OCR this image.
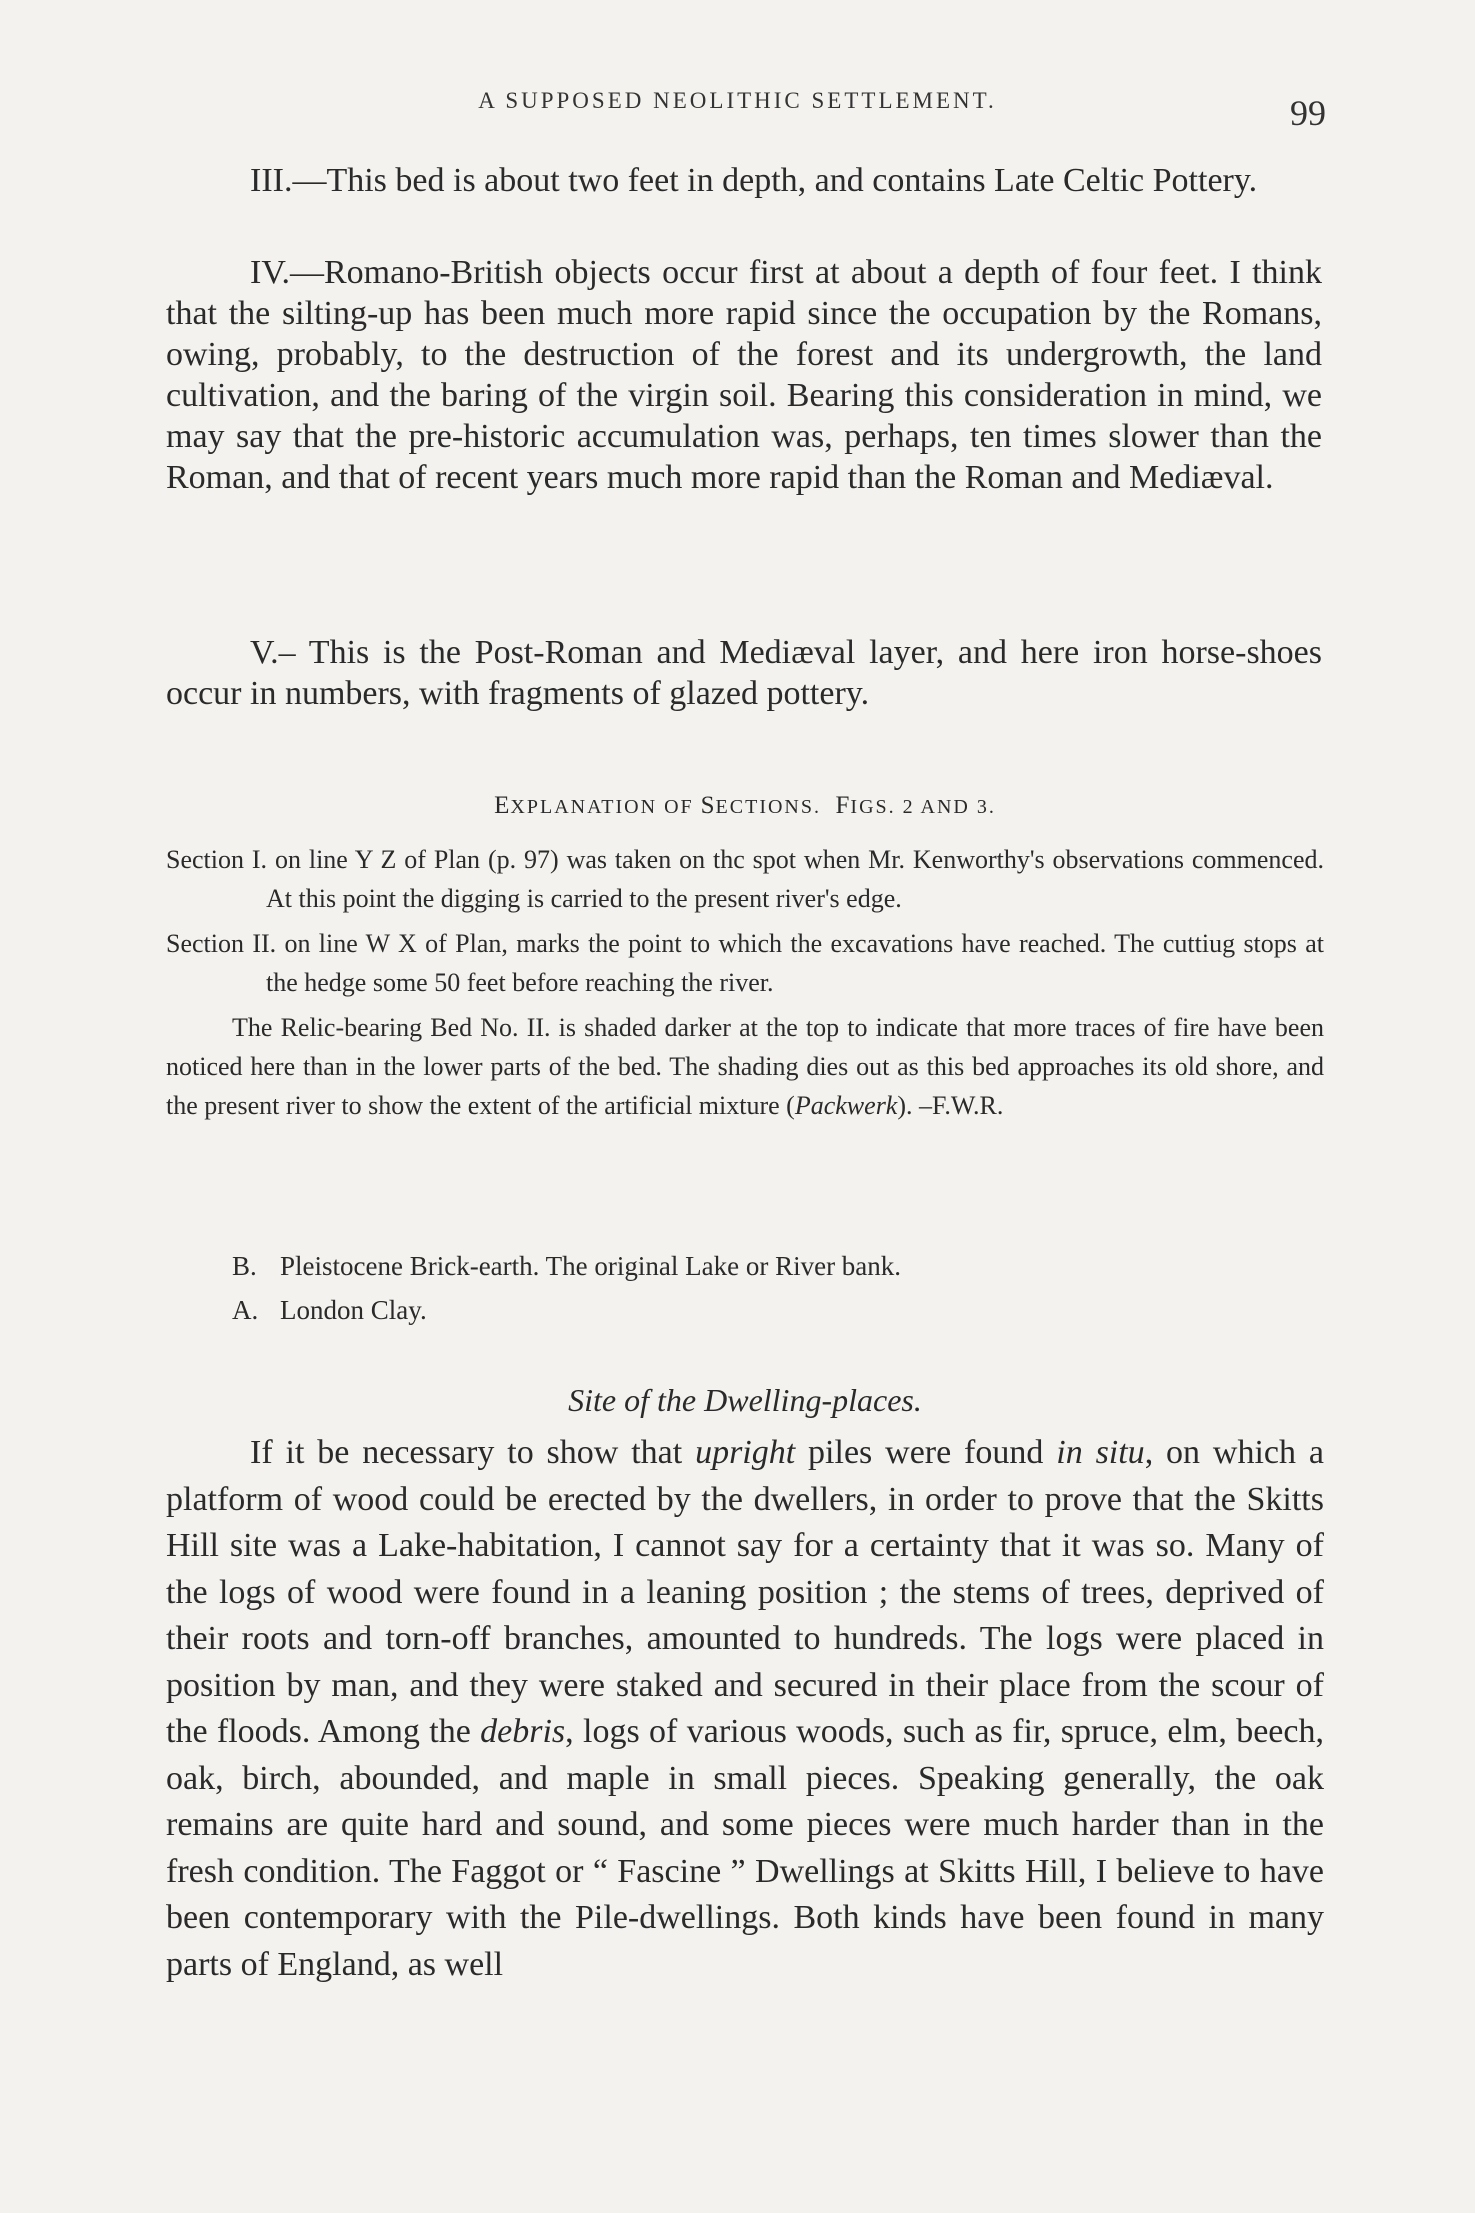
A SUPPOSED NEOLITHIC SETTLEMENT.	99

III.—This bed is about two feet in depth, and contains Late Celtic Pottery.

IV.—Romano-British objects occur first at about a depth of four feet. I think that the silting-up has been much more rapid since the occupation by the Romans, owing, probably, to the destruction of the forest and its undergrowth, the land cultivation, and the baring of the virgin soil. Bearing this consideration in mind, we may say that the pre-historic accumulation was, perhaps, ten times slower than the Roman, and that of recent years much more rapid than the Roman and Mediæval.

V.– This is the Post-Roman and Mediæval layer, and here iron horse-shoes occur in numbers, with fragments of glazed pottery.

EXPLANATION OF SECTIONS. FIGS. 2 AND 3.

Section I. on line Y Z of Plan (p. 97) was taken on thc spot when Mr. Kenworthy's observations commenced. At this point the digging is carried to the present river's edge.

Section II. on line W X of Plan, marks the point to which the excavations have reached. The cuttiug stops at the hedge some 50 feet before reaching the river.

The Relic-bearing Bed No. II. is shaded darker at the top to indicate that more traces of fire have been noticed here than in the lower parts of the bed. The shading dies out as this bed approaches its old shore, and the present river to show the extent of the artificial mixture (Packwerk). –F.W.R.

B. Pleistocene Brick-earth. The original Lake or River bank.
A. London Clay.
Site of the Dwelling-places.

If it be necessary to show that upright piles were found in situ, on which a platform of wood could be erected by the dwellers, in order to prove that the Skitts Hill site was a Lake-habitation, I cannot say for a certainty that it was so. Many of the logs of wood were found in a leaning position ; the stems of trees, deprived of their roots and torn-off branches, amounted to hundreds. The logs were placed in position by man, and they were staked and secured in their place from the scour of the floods. Among the debris, logs of various woods, such as fir, spruce, elm, beech, oak, birch, abounded, and maple in small pieces. Speaking generally, the oak remains are quite hard and sound, and some pieces were much harder than in the fresh condition. The Faggot or “ Fascine ” Dwellings at Skitts Hill, I believe to have been contemporary with the Pile-dwellings. Both kinds have been found in many parts of England, as well
